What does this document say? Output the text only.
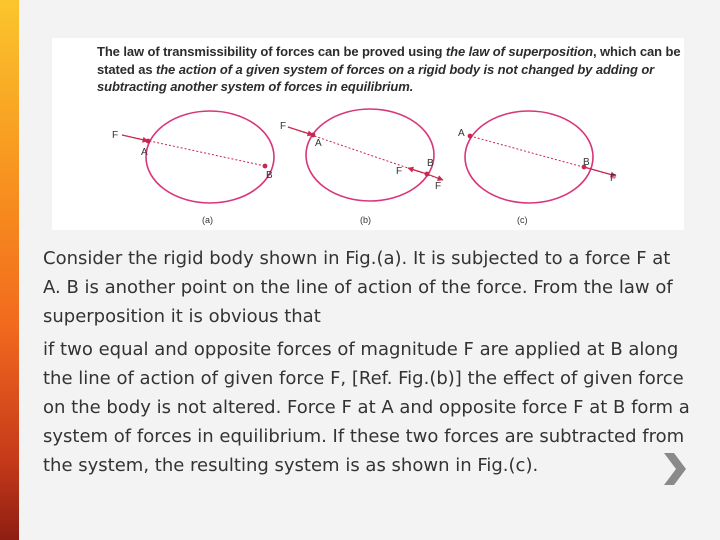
The law of transmissibility of forces can be proved using the law of superposition, which can be stated as the action of a given system of forces on a rigid body is not changed by adding or subtracting another system of forces in equilibrium.
F
A
B
(a)
F
A
B
F
F
(b)
A
B
F
(c)

Consider the rigid body shown in Fig.(a). It is subjected to a force F at A. B is another point on the line of action of the force. From the law of superposition it is obvious that

if two equal and opposite forces of magnitude F are applied at B along the line of action of given force F, [Ref. Fig.(b)] the effect of given force on the body is not altered. Force F at A and opposite force F at B form a system of forces in equilibrium. If these two forces are subtracted from the system, the resulting system is as shown in Fig.(c).
